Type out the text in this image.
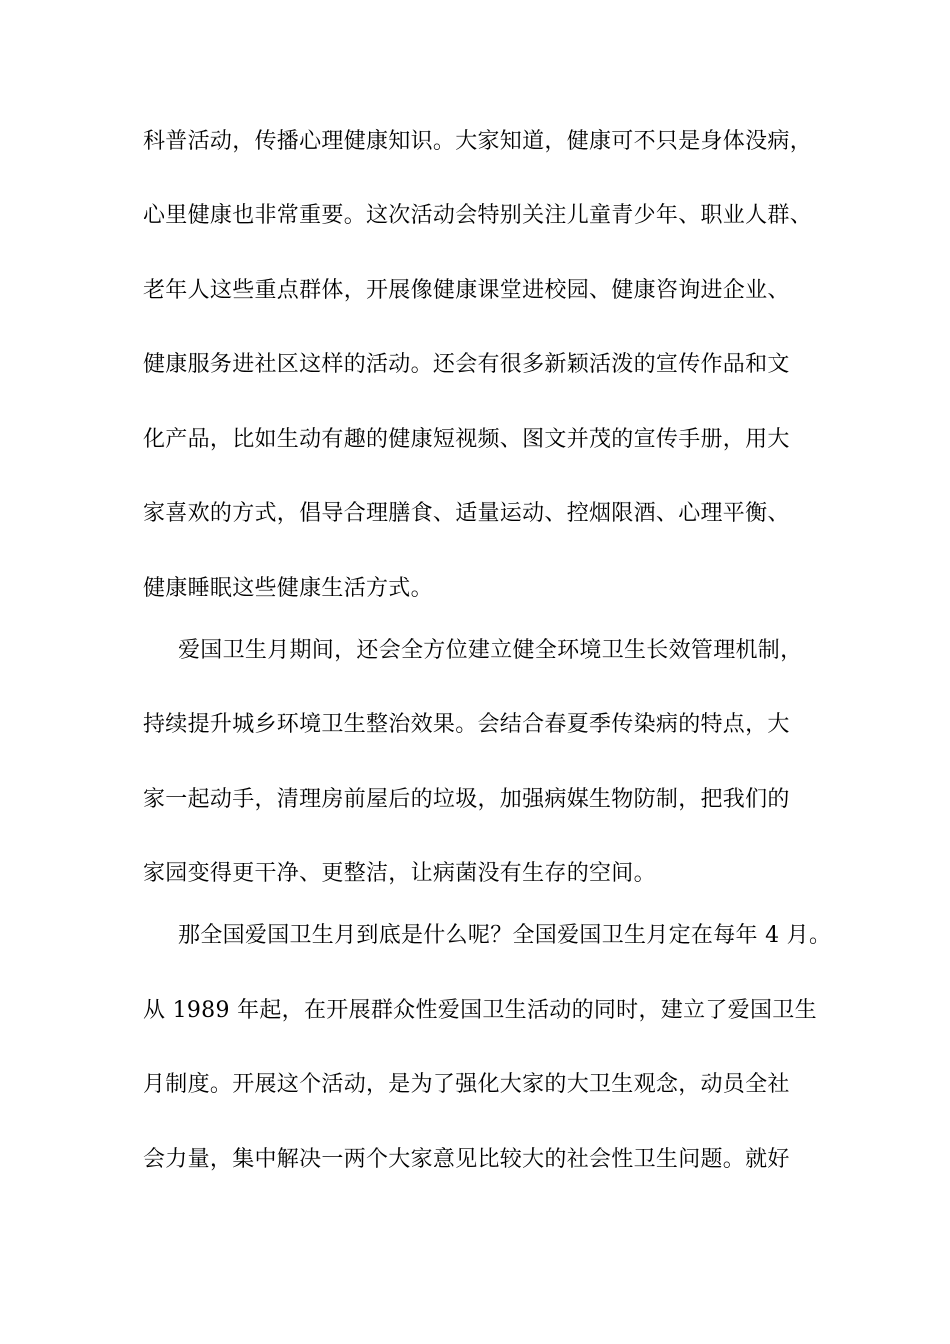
科普活动，传播心理健康知识。大家知道，健康可不只是身体没病，
心里健康也非常重要。这次活动会特别关注儿童青少年、职业人群、
老年人这些重点群体，开展像健康课堂进校园、健康咨询进企业、
健康服务进社区这样的活动。还会有很多新颖活泼的宣传作品和文
化产品，比如生动有趣的健康短视频、图文并茂的宣传手册，用大
家喜欢的方式，倡导合理膳食、适量运动、控烟限酒、心理平衡、
健康睡眠这些健康生活方式。
爱国卫生月期间，还会全方位建立健全环境卫生长效管理机制，
持续提升城乡环境卫生整治效果。会结合春夏季传染病的特点，大
家一起动手，清理房前屋后的垃圾，加强病媒生物防制，把我们的
家园变得更干净、更整洁，让病菌没有生存的空间。
那全国爱国卫生月到底是什么呢？全国爱国卫生月定在每年 4 月。
从 1989 年起，在开展群众性爱国卫生活动的同时，建立了爱国卫生
月制度。开展这个活动，是为了强化大家的大卫生观念，动员全社
会力量，集中解决一两个大家意见比较大的社会性卫生问题。就好
